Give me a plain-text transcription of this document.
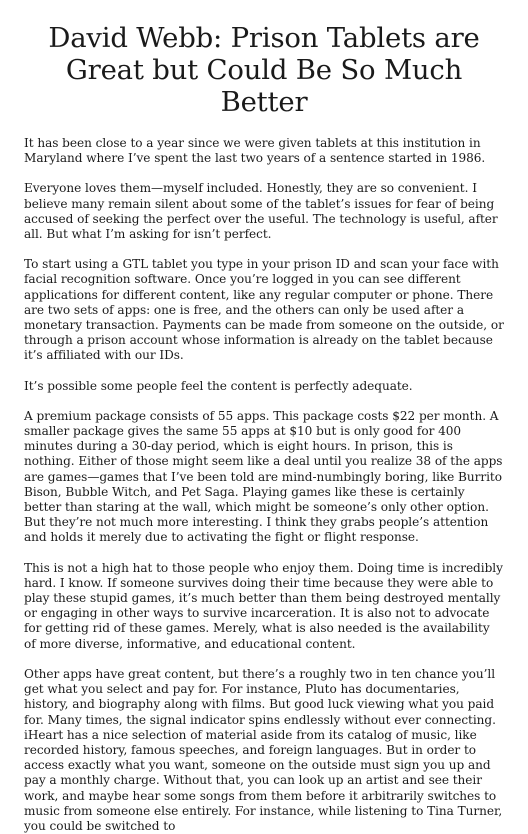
David Webb: Prison Tablets are Great but Could Be So Much Better

It has been close to a year since we were given tablets at this institution in Maryland where I’ve spent the last two years of a sentence started in 1986.

Everyone loves them—myself included. Honestly, they are so convenient. I believe many remain silent about some of the tablet’s issues for fear of being accused of seeking the perfect over the useful. The technology is useful, after all. But what I’m asking for isn’t perfect.

To start using a GTL tablet you type in your prison ID and scan your face with facial recognition software. Once you’re logged in you can see different applications for different content, like any regular computer or phone. There are two sets of apps: one is free, and the others can only be used after a monetary transaction. Payments can be made from someone on the outside, or through a prison account whose information is already on the tablet because it’s affiliated with our IDs.

It’s possible some people feel the content is perfectly adequate.

A premium package consists of 55 apps. This package costs $22 per month. A smaller package gives the same 55 apps at $10 but is only good for 400 minutes during a 30-day period, which is eight hours. In prison, this is nothing. Either of those might seem like a deal until you realize 38 of the apps are games—games that I’ve been told are mind-numbingly boring, like Burrito Bison, Bubble Witch, and Pet Saga. Playing games like these is certainly better than staring at the wall, which might be someone’s only other option. But they’re not much more interesting. I think they grabs people’s attention and holds it merely due to activating the fight or flight response.

This is not a high hat to those people who enjoy them. Doing time is incredibly hard. I know. If someone survives doing their time because they were able to play these stupid games, it’s much better than them being destroyed mentally or engaging in other ways to survive incarceration. It is also not to advocate for getting rid of these games. Merely, what is also needed is the availability of more diverse, informative, and educational content.

Other apps have great content, but there’s a roughly two in ten chance you’ll get what you select and pay for. For instance, Pluto has documentaries, history, and biography along with films. But good luck viewing what you paid for. Many times, the signal indicator spins endlessly without ever connecting. iHeart has a nice selection of material aside from its catalog of music, like recorded history, famous speeches, and foreign languages. But in order to access exactly what you want, someone on the outside must sign you up and pay a monthly charge. Without that, you can look up an artist and see their work, and maybe hear some songs from them before it arbitrarily switches to music from someone else entirely. For instance, while listening to Tina Turner, you could be switched to
